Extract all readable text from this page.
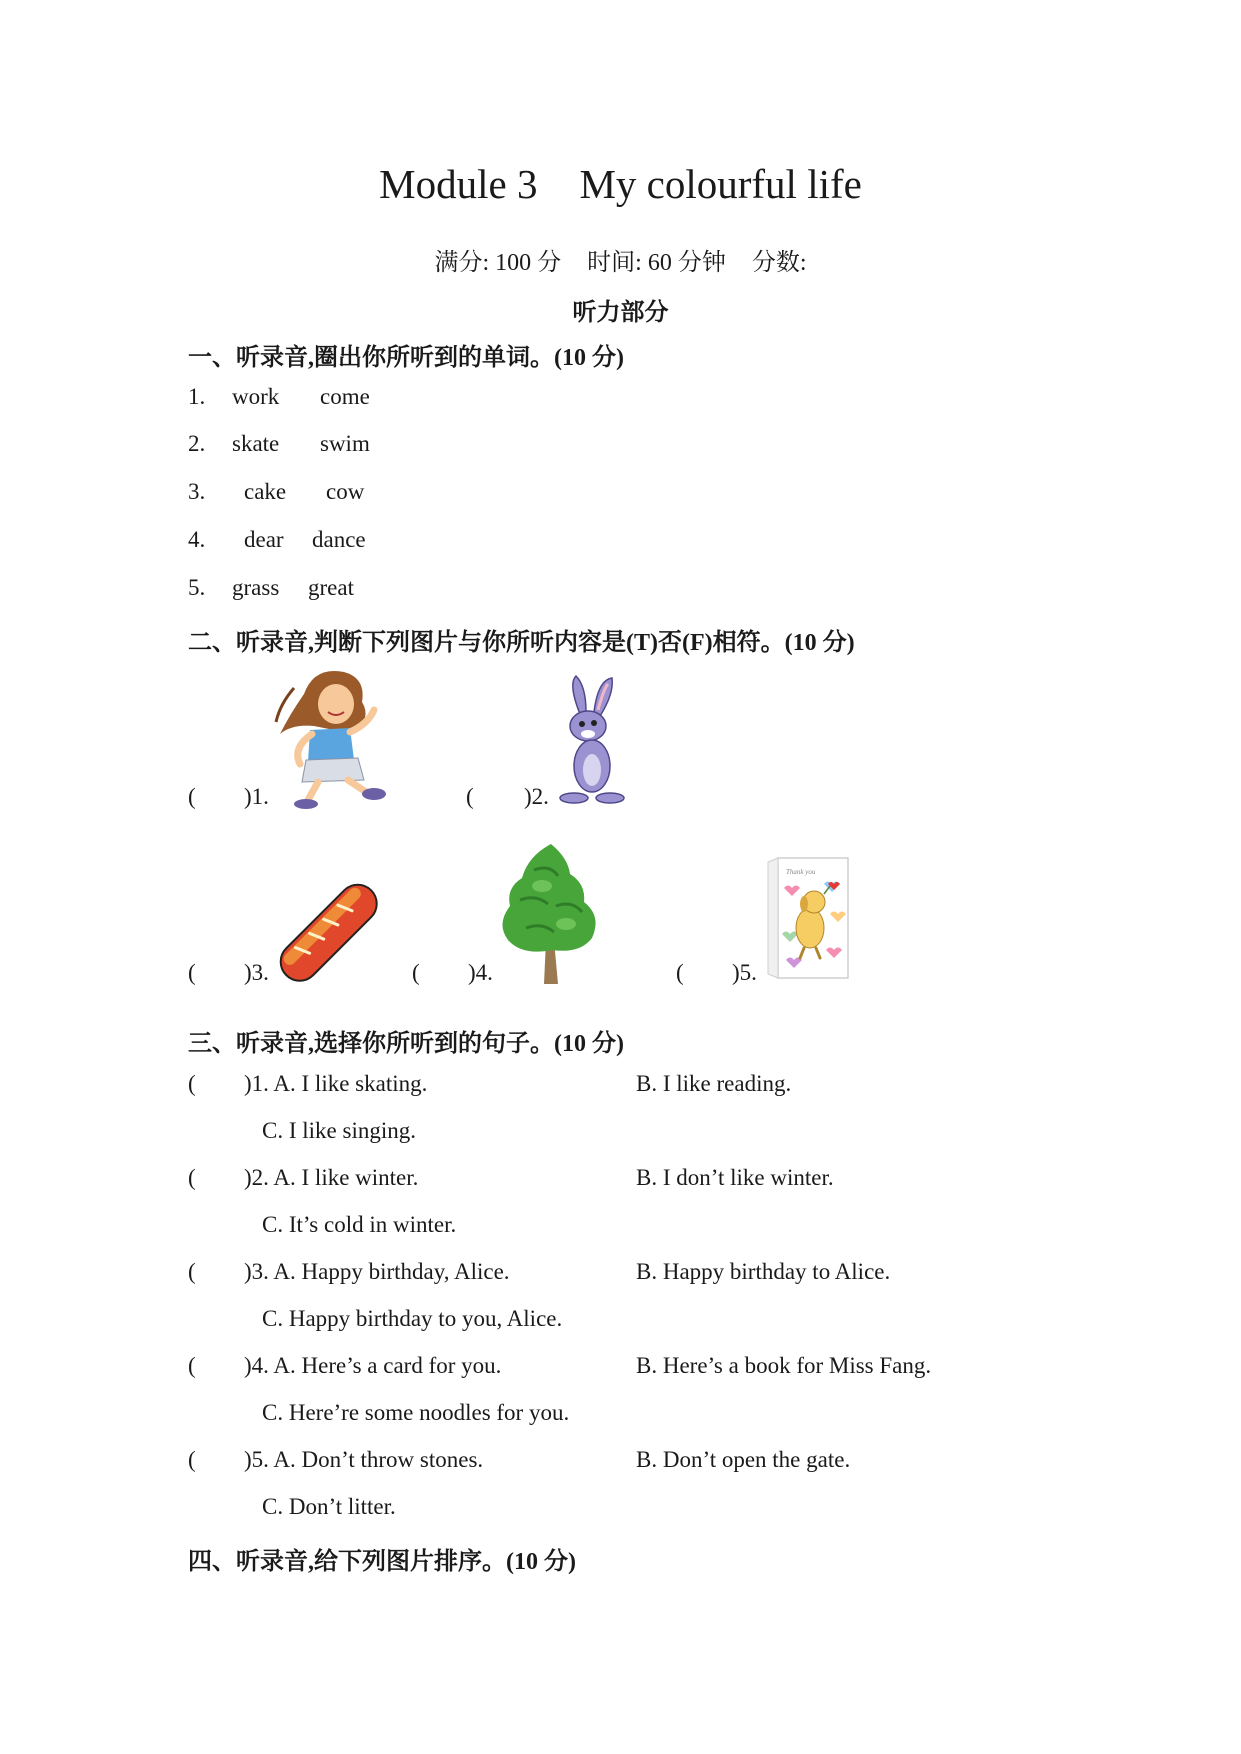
Module 3 My colourful life
满分: 100 分 时间: 60 分钟 分数:
听力部分
一、听录音,圈出你所听到的单词。(10 分)
1. work come
2. skate swim
3. cake cow
4. dear dance
5. grass great
二、听录音,判断下列图片与你所听内容是(T)否(F)相符。(10 分)
( )1.	( )2.
( )3.	( )4.	( )5.
Thank you
三、听录音,选择你所听到的句子。(10 分)
( )1. A. I like skating.	B. I like reading.
C. I like singing.
( )2. A. I like winter.	B. I don’t like winter.
C. It’s cold in winter.
( )3. A. Happy birthday, Alice.	B. Happy birthday to Alice.
C. Happy birthday to you, Alice.
( )4. A. Here’s a card for you.	B. Here’s a book for Miss Fang.
C. Here’re some noodles for you.
( )5. A. Don’t throw stones.	B. Don’t open the gate.
C. Don’t litter.
四、听录音,给下列图片排序。(10 分)
